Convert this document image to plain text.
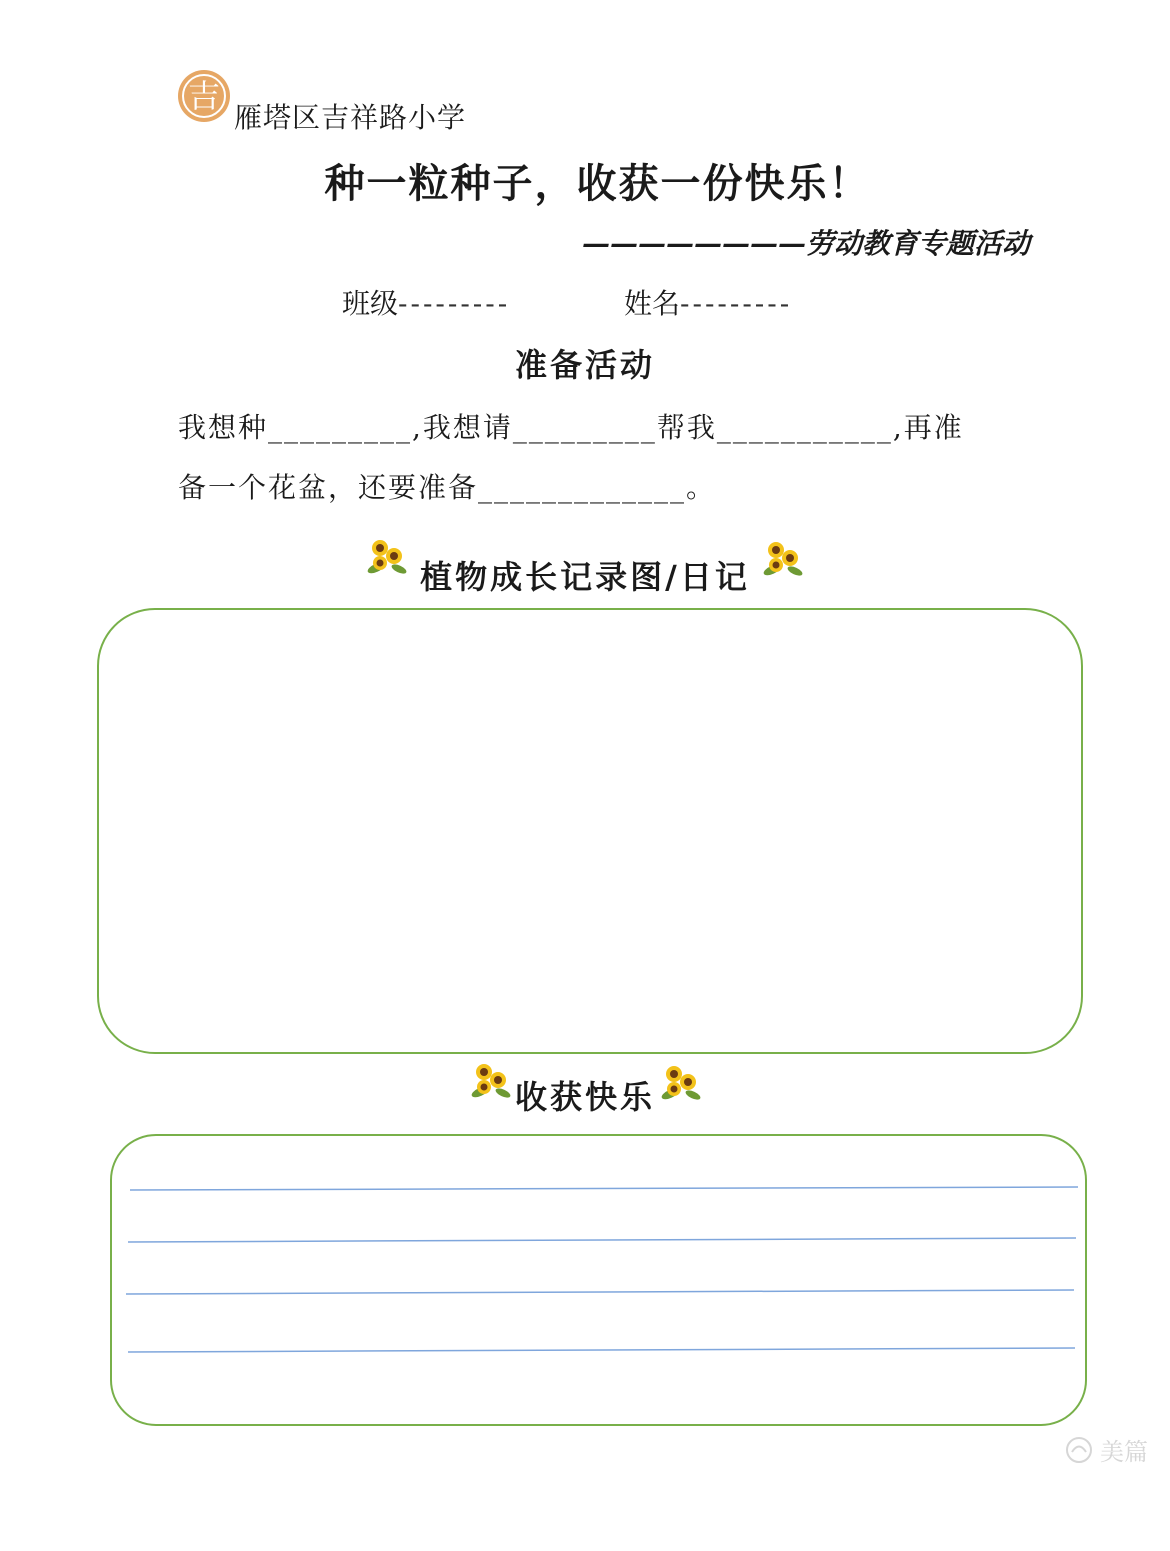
吉
雁塔区吉祥路小学
种一粒种子，收获一份快乐！
————————劳动教育专题活动
班级---------	姓名---------
准备活动
我想种_________,我想请_________帮我___________,再准
备一个花盆，还要准备_____________。
植物成长记录图/日记
收获快乐
美篇
